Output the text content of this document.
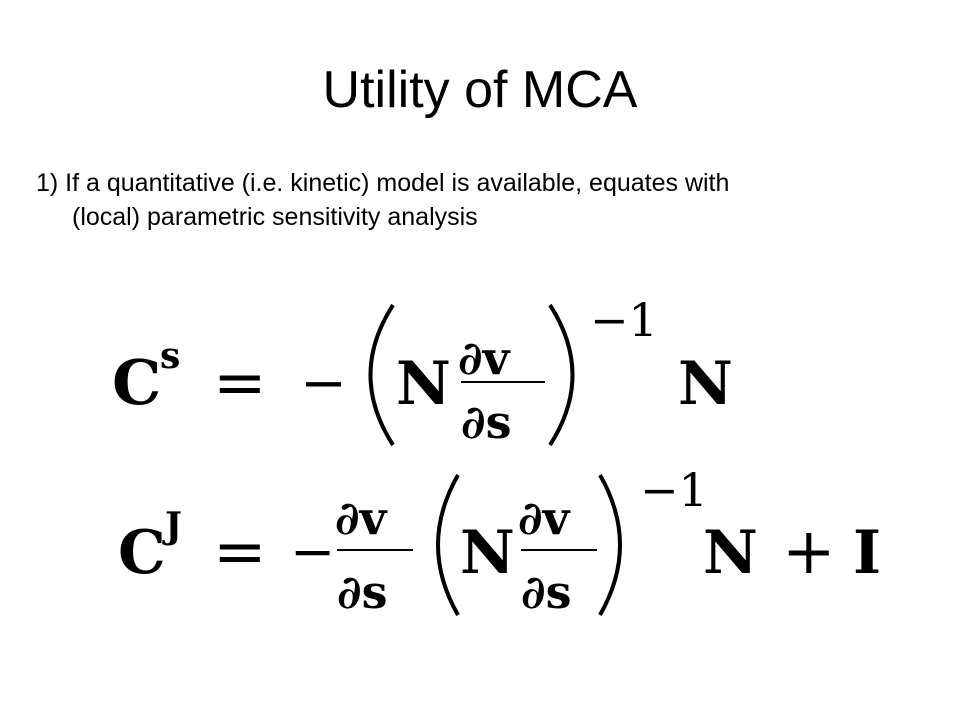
Utility of MCA
1) If a quantitative (i.e. kinetic) model is available, equates with
(local) parametric sensitivity analysis
C
s = − N ∂v
∂s
−1
N
C J = −
∂v
∂s
N ∂v
∂s
−1
N + I
